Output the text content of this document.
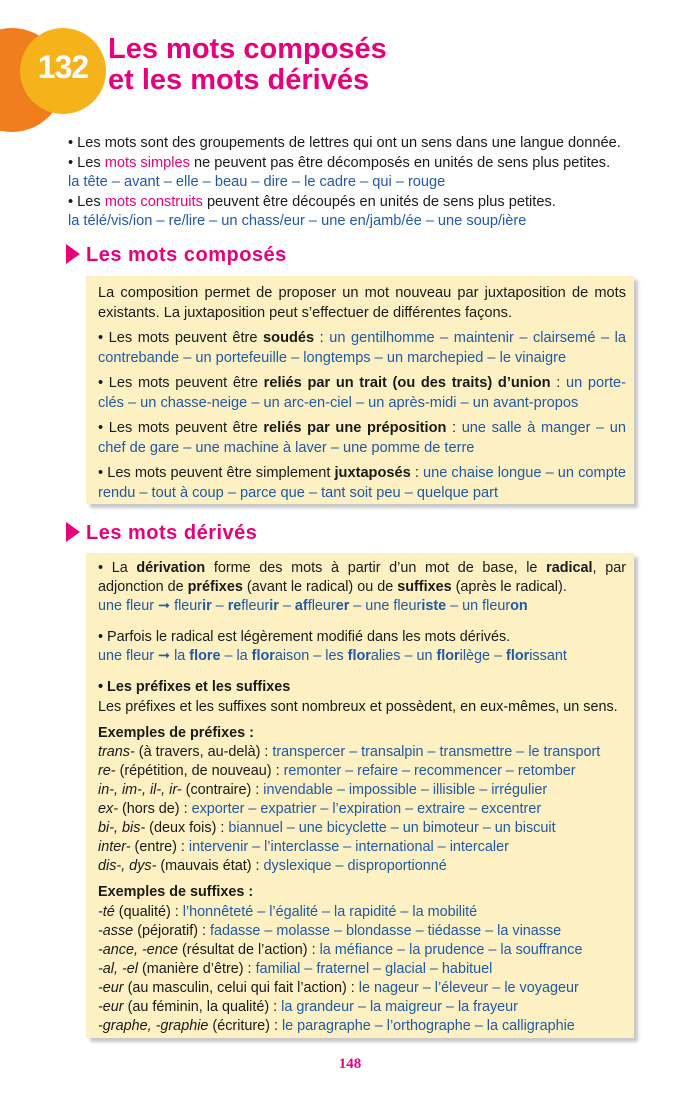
132 Les mots composés
et les mots dérivés

• Les mots sont des groupements de lettres qui ont un sens dans une langue donnée.

• Les mots simples ne peuvent pas être décomposés en unités de sens plus petites.

la tête – avant – elle – beau – dire – le cadre – qui – rouge

• Les mots construits peuvent être découpés en unités de sens plus petites.

la télé/vis/ion – re/lire – un chass/eur – une en/jamb/ée – une soup/ière

Les mots composés

La composition permet de proposer un mot nouveau par juxtaposition de mots existants. La juxtaposition peut s’effectuer de différentes façons.

• Les mots peuvent être soudés : un gentilhomme – maintenir – clairsemé – la contrebande – un portefeuille – longtemps – un marchepied – le vinaigre

• Les mots peuvent être reliés par un trait (ou des traits) d’union : un porte-clés – un chasse-neige – un arc-en-ciel – un après-midi – un avant-propos

• Les mots peuvent être reliés par une préposition : une salle à manger – un chef de gare – une machine à laver – une pomme de terre

• Les mots peuvent être simplement juxtaposés : une chaise longue – un compte rendu – tout à coup – parce que – tant soit peu – quelque part

Les mots dérivés

• La dérivation forme des mots à partir d’un mot de base, le radical, par adjonction de préfixes (avant le radical) ou de suffixes (après le radical).

une fleur ➞ fleurir – refleurir – affleurer – une fleuriste – un fleuron

• Parfois le radical est légèrement modifié dans les mots dérivés.

une fleur ➞ la flore – la floraison – les floralies – un florilège – florissant

• Les préfixes et les suffixes

Les préfixes et les suffixes sont nombreux et possèdent, en eux-mêmes, un sens.

Exemples de préfixes :

trans- (à travers, au-delà) : transpercer – transalpin – transmettre – le transport

re- (répétition, de nouveau) : remonter – refaire – recommencer – retomber

in-, im-, il-, ir- (contraire) : invendable – impossible – illisible – irrégulier

ex- (hors de) : exporter – expatrier – l’expiration – extraire – excentrer

bi-, bis- (deux fois) : biannuel – une bicyclette – un bimoteur – un biscuit

inter- (entre) : intervenir – l’interclasse – international – intercaler

dis-, dys- (mauvais état) : dyslexique – disproportionné

Exemples de suffixes :

-té (qualité) : l’honnêteté – l’égalité – la rapidité – la mobilité

-asse (péjoratif) : fadasse – molasse – blondasse – tiédasse – la vinasse

-ance, -ence (résultat de l’action) : la méfiance – la prudence – la souffrance

-al, -el (manière d’être) : familial – fraternel – glacial – habituel

-eur (au masculin, celui qui fait l’action) : le nageur – l’éleveur – le voyageur

-eur (au féminin, la qualité) : la grandeur – la maigreur – la frayeur

-graphe, -graphie (écriture) : le paragraphe – l’orthographe – la calligraphie

148
